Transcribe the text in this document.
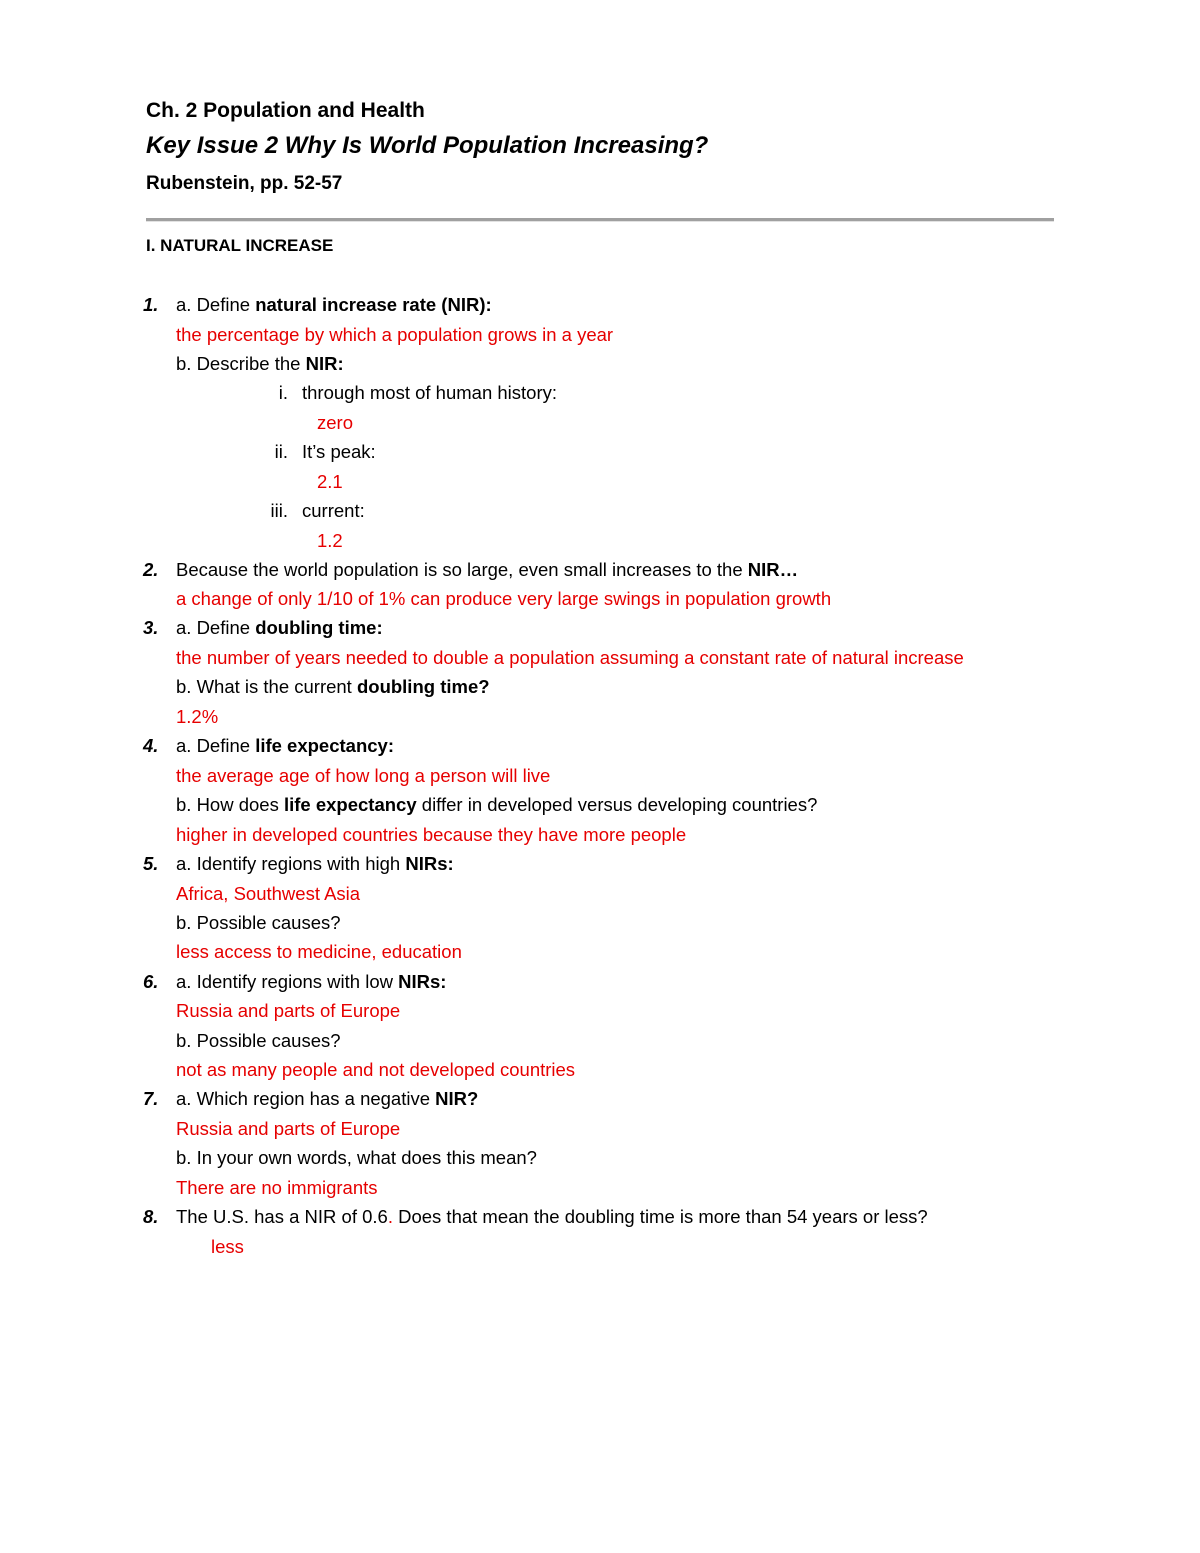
Ch. 2 Population and Health
Key Issue 2 Why Is World Population Increasing?
Rubenstein, pp. 52-57
I. NATURAL INCREASE
1. a. Define natural increase rate (NIR):
the percentage by which a population grows in a year
b. Describe the NIR:
i. through most of human history:
zero
ii. It’s peak:
2.1
iii. current:
1.2
2. Because the world population is so large, even small increases to the NIR…
a change of only 1/10 of 1% can produce very large swings in population growth
3. a. Define doubling time:
the number of years needed to double a population assuming a constant rate of natural increase
b. What is the current doubling time?
1.2%
4. a. Define life expectancy:
the average age of how long a person will live
b. How does life expectancy differ in developed versus developing countries?
higher in developed countries because they have more people
5. a. Identify regions with high NIRs:
Africa, Southwest Asia
b. Possible causes?
less access to medicine, education
6. a. Identify regions with low NIRs:
Russia and parts of Europe
b. Possible causes?
not as many people and not developed countries
7. a. Which region has a negative NIR?
Russia and parts of Europe
b. In your own words, what does this mean?
There are no immigrants
8. The U.S. has a NIR of 0.6. Does that mean the doubling time is more than 54 years or less?
less
